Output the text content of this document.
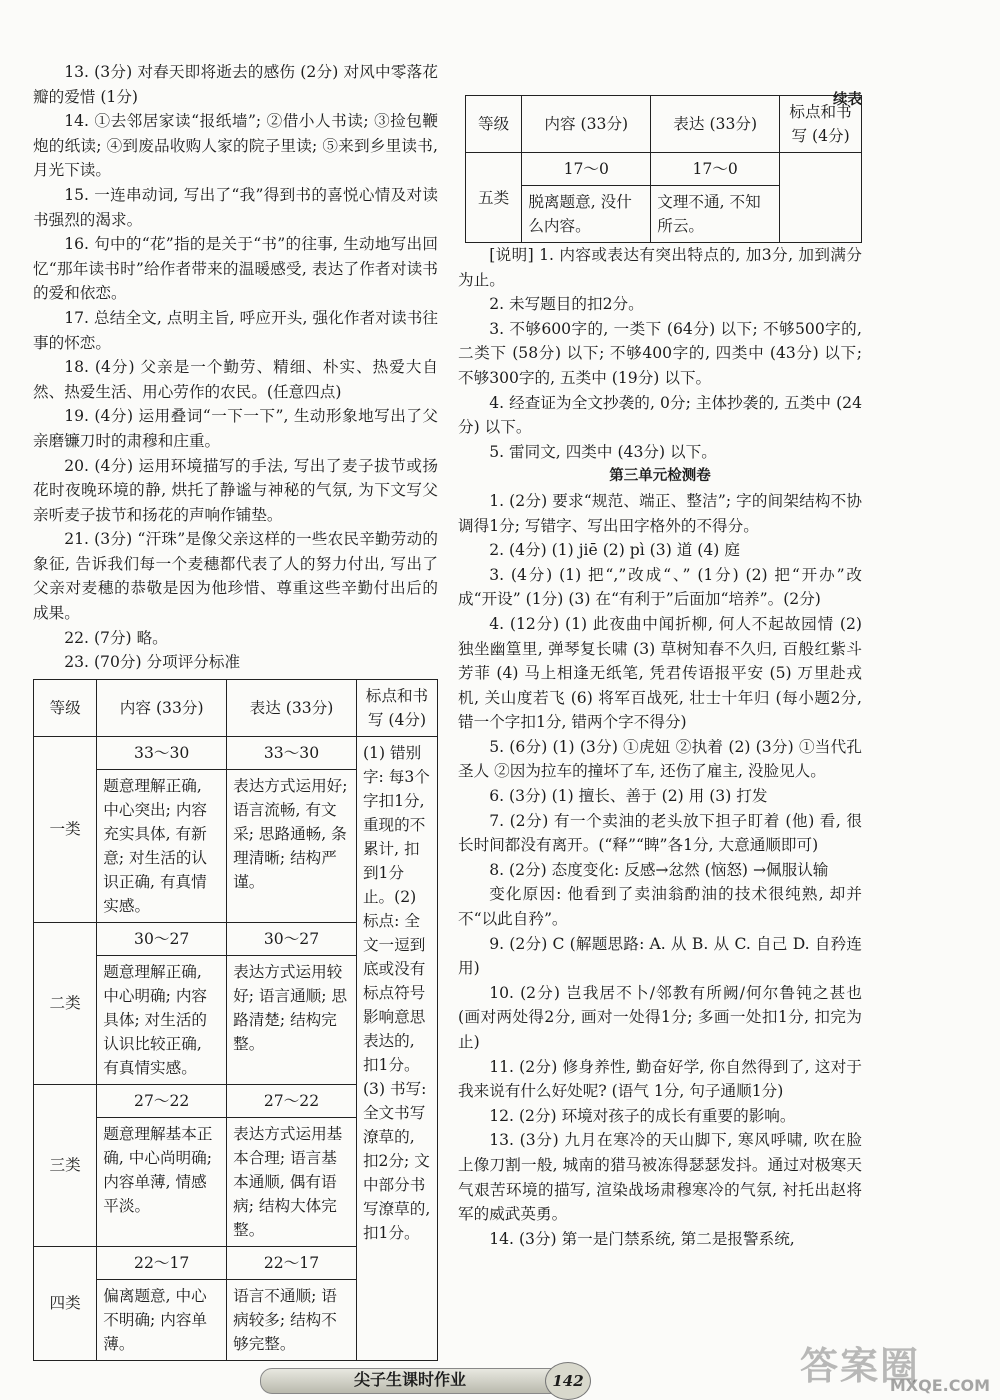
13. (3分) 对春天即将逝去的感伤 (2分) 对风中零落花瓣的爱惜 (1分)

14. ①去邻居家读“报纸墙”; ②借小人书读; ③捡包鞭炮的纸读; ④到废品收购人家的院子里读; ⑤来到乡里读书, 月光下读。

15. 一连串动词, 写出了“我”得到书的喜悦心情及对读书强烈的渴求。

16. 句中的“花”指的是关于“书”的往事, 生动地写出回忆“那年读书时”给作者带来的温暖感受, 表达了作者对读书的爱和依恋。

17. 总结全文, 点明主旨, 呼应开头, 强化作者对读书往事的怀恋。

18. (4分) 父亲是一个勤劳、精细、朴实、热爱大自然、热爱生活、用心劳作的农民。(任意四点)

19. (4分) 运用叠词“一下一下”, 生动形象地写出了父亲磨镰刀时的肃穆和庄重。

20. (4分) 运用环境描写的手法, 写出了麦子拔节或扬花时夜晚环境的静, 烘托了静谧与神秘的气氛, 为下文写父亲听麦子拔节和扬花的声响作铺垫。

21. (3分) “汗珠”是像父亲这样的一些农民辛勤劳动的象征, 告诉我们每一个麦穗都代表了人的努力付出, 写出了父亲对麦穗的恭敬是因为他珍惜、尊重这些辛勤付出后的成果。

22. (7分) 略。

23. (70分) 分项评分标准

等级	内容 (33分)	表达 (33分)	标点和书写 (4分)
一类	33～30	33～30	(1) 错别字: 每3个字扣1分, 重现的不累计, 扣到1分止。(2) 标点: 全文一逗到底或没有标点符号影响意思表达的, 扣1分。(3) 书写: 全文书写潦草的, 扣2分; 文中部分书写潦草的, 扣1分。
	题意理解正确, 中心突出; 内容充实具体, 有新意; 对生活的认识正确, 有真情实感。	表达方式运用好; 语言流畅, 有文采; 思路通畅, 条理清晰; 结构严谨。	
二类	30～27	30～27	
	题意理解正确, 中心明确; 内容具体; 对生活的认识比较正确, 有真情实感。	表达方式运用较好; 语言通顺; 思路清楚; 结构完整。	
三类	27～22	27～22	
	题意理解基本正确, 中心尚明确; 内容单薄, 情感平淡。	表达方式运用基本合理; 语言基本通顺, 偶有语病; 结构大体完整。	
四类	22～17	22～17	
	偏离题意, 中心不明确; 内容单薄。	语言不通顺; 语病较多; 结构不够完整。	
续表
等级	内容 (33分)	表达 (33分)	标点和书写 (4分)
五类	17～0	17～0	
	脱离题意, 没什么内容。	文理不通, 不知所云。	

[说明] 1. 内容或表达有突出特点的, 加3分, 加到满分为止。

2. 未写题目的扣2分。

3. 不够600字的, 一类下 (64分) 以下; 不够500字的, 二类下 (58分) 以下; 不够400字的, 四类中 (43分) 以下; 不够300字的, 五类中 (19分) 以下。

4. 经查证为全文抄袭的, 0分; 主体抄袭的, 五类中 (24分) 以下。

5. 雷同文, 四类中 (43分) 以下。

第三单元检测卷

1. (2分) 要求“规范、端正、整洁”; 字的间架结构不协调得1分; 写错字、写出田字格外的不得分。

2. (4分) (1) jiē (2) pì (3) 道 (4) 庭

3. (4分) (1) 把“,”改成“、” (1分) (2) 把“开办”改成“开设” (1分) (3) 在“有利于”后面加“培养”。(2分)

4. (12分) (1) 此夜曲中闻折柳, 何人不起故园情 (2) 独坐幽篁里, 弹琴复长啸 (3) 草树知春不久归, 百般红紫斗芳菲 (4) 马上相逢无纸笔, 凭君传语报平安 (5) 万里赴戎机, 关山度若飞 (6) 将军百战死, 壮士十年归 (每小题2分, 错一个字扣1分, 错两个字不得分)

5. (6分) (1) (3分) ①虎妞 ②执着 (2) (3分) ①当代孔圣人 ②因为拉车的撞坏了车, 还伤了雇主, 没脸见人。

6. (3分) (1) 擅长、善于 (2) 用 (3) 打发

7. (2分) 有一个卖油的老头放下担子盯着 (他) 看, 很长时间都没有离开。(“释”“睥”各1分, 大意通顺即可)

8. (2分) 态度变化: 反感→忿然 (恼怒) →佩服认输

变化原因: 他看到了卖油翁酌油的技术很纯熟, 却并不“以此自矜”。

9. (2分) C (解题思路: A. 从 B. 从 C. 自己 D. 自矜连用)

10. (2分) 岂我居不卜/邻教有所阙/何尔鲁钝之甚也 (画对两处得2分, 画对一处得1分; 多画一处扣1分, 扣完为止)

11. (2分) 修身养性, 勤奋好学, 你自然得到了, 这对于我来说有什么好处呢? (语气 1分, 句子通顺1分)

12. (2分) 环境对孩子的成长有重要的影响。

13. (3分) 九月在寒冷的天山脚下, 寒风呼啸, 吹在脸上像刀割一般, 城南的猎马被冻得瑟瑟发抖。通过对极寒天气艰苦环境的描写, 渲染战场肃穆寒冷的气氛, 衬托出赵将军的威武英勇。

14. (3分) 第一是门禁系统, 第二是报警系统,

尖子生课时作业	142	答案圈
MXQE.COM
